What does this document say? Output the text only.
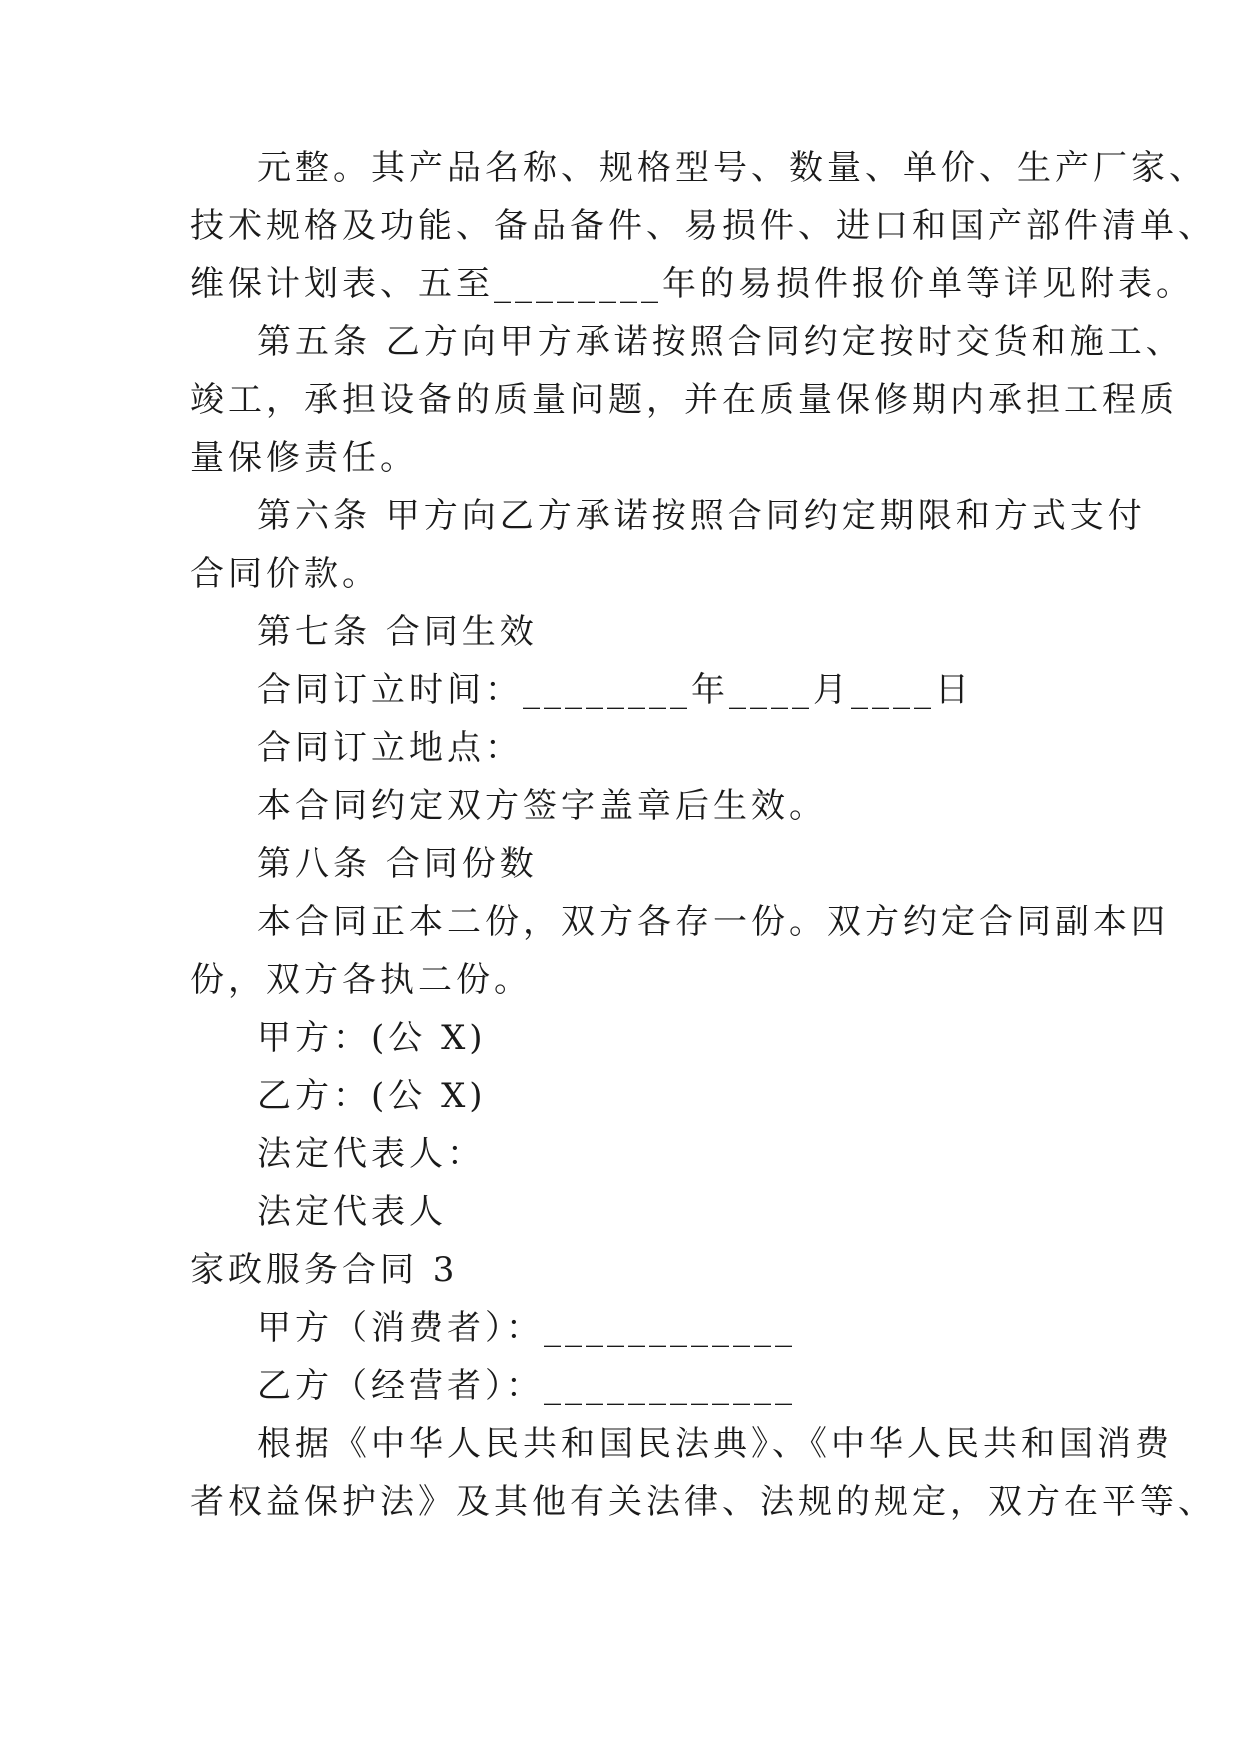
元整。其产品名称、规格型号、数量、单价、生产厂家、
技术规格及功能、备品备件、易损件、进口和国产部件清单、
维保计划表、五至________年的易损件报价单等详见附表。
第五条 乙方向甲方承诺按照合同约定按时交货和施工、
竣工，承担设备的质量问题，并在质量保修期内承担工程质
量保修责任。
第六条 甲方向乙方承诺按照合同约定期限和方式支付
合同价款。
第七条 合同生效
合同订立时间：________年____月____日
合同订立地点：
本合同约定双方签字盖章后生效。
第八条 合同份数
本合同正本二份，双方各存一份。双方约定合同副本四
份，双方各执二份。
甲方：(公 X)
乙方：(公 X)
法定代表人：
法定代表人
家政服务合同 3
甲方（消费者）：____________
乙方（经营者）：____________
根据《中华人民共和国民法典》、《中华人民共和国消费
者权益保护法》及其他有关法律、法规的规定，双方在平等、
